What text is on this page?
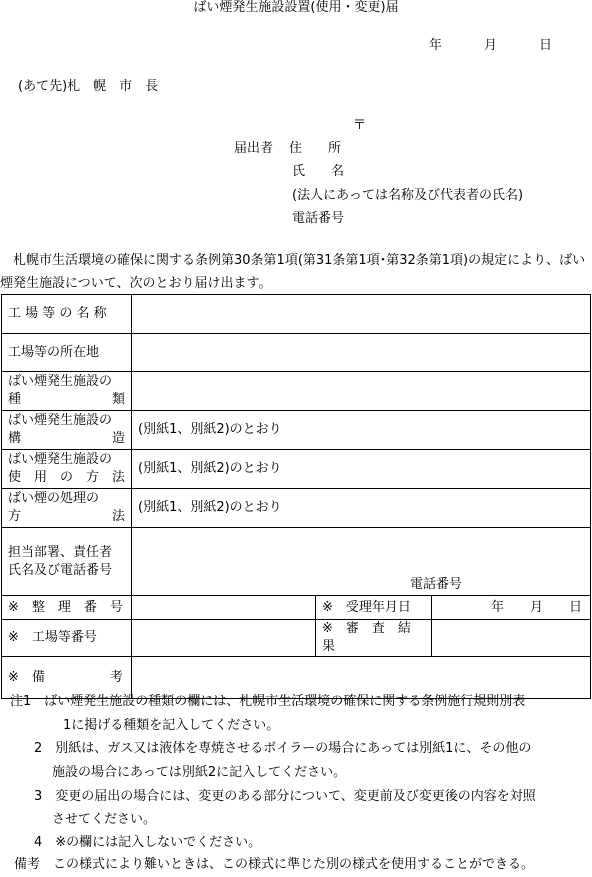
ばい煙発生施設設置(使用・変更)届
年	月	日
(あて先)札　幌　市　長
〒
届出者 住　　所
氏　　名
(法人にあっては名称及び代表者の氏名)
電話番号
札幌市生活環境の確保に関する条例第30条第1項(第31条第1項･第32条第1項)の規定により、ばい煙発生施設について、次のとおり届け出ます。
工 場 等 の 名 称			
工場等の所在地			
ばい煙発生施設の
種　　　　　類			

ばい煙発生施設の
構　　　　　造	(別紙1、別紙2)のとおり		
ばい煙発生施設の
使　用　の　方　法	(別紙1、別紙2)のとおり		
ばい煙の処理の
方　　　　　法	(別紙1、別紙2)のとおり		
担当部署、責任者
氏名及び電話番号	電話番号		

※　整　理　番　号		※　受理年月日	年　　月　　日
※　工場等番号		※　審　査　結　果	
※　備　　　　　考			
注1　ばい煙発生施設の種類の欄には、札幌市生活環境の確保に関する条例施行規則別表
1に掲げる種類を記入してください。
2　別紙は、ガス又は液体を専焼させるボイラーの場合にあっては別紙1に、その他の
施設の場合にあっては別紙2に記入してください。
3　変更の届出の場合には、変更のある部分について、変更前及び変更後の内容を対照
させてください。
4　※の欄には記入しないでください。
備考　この様式により難いときは、この様式に準じた別の様式を使用することができる。
